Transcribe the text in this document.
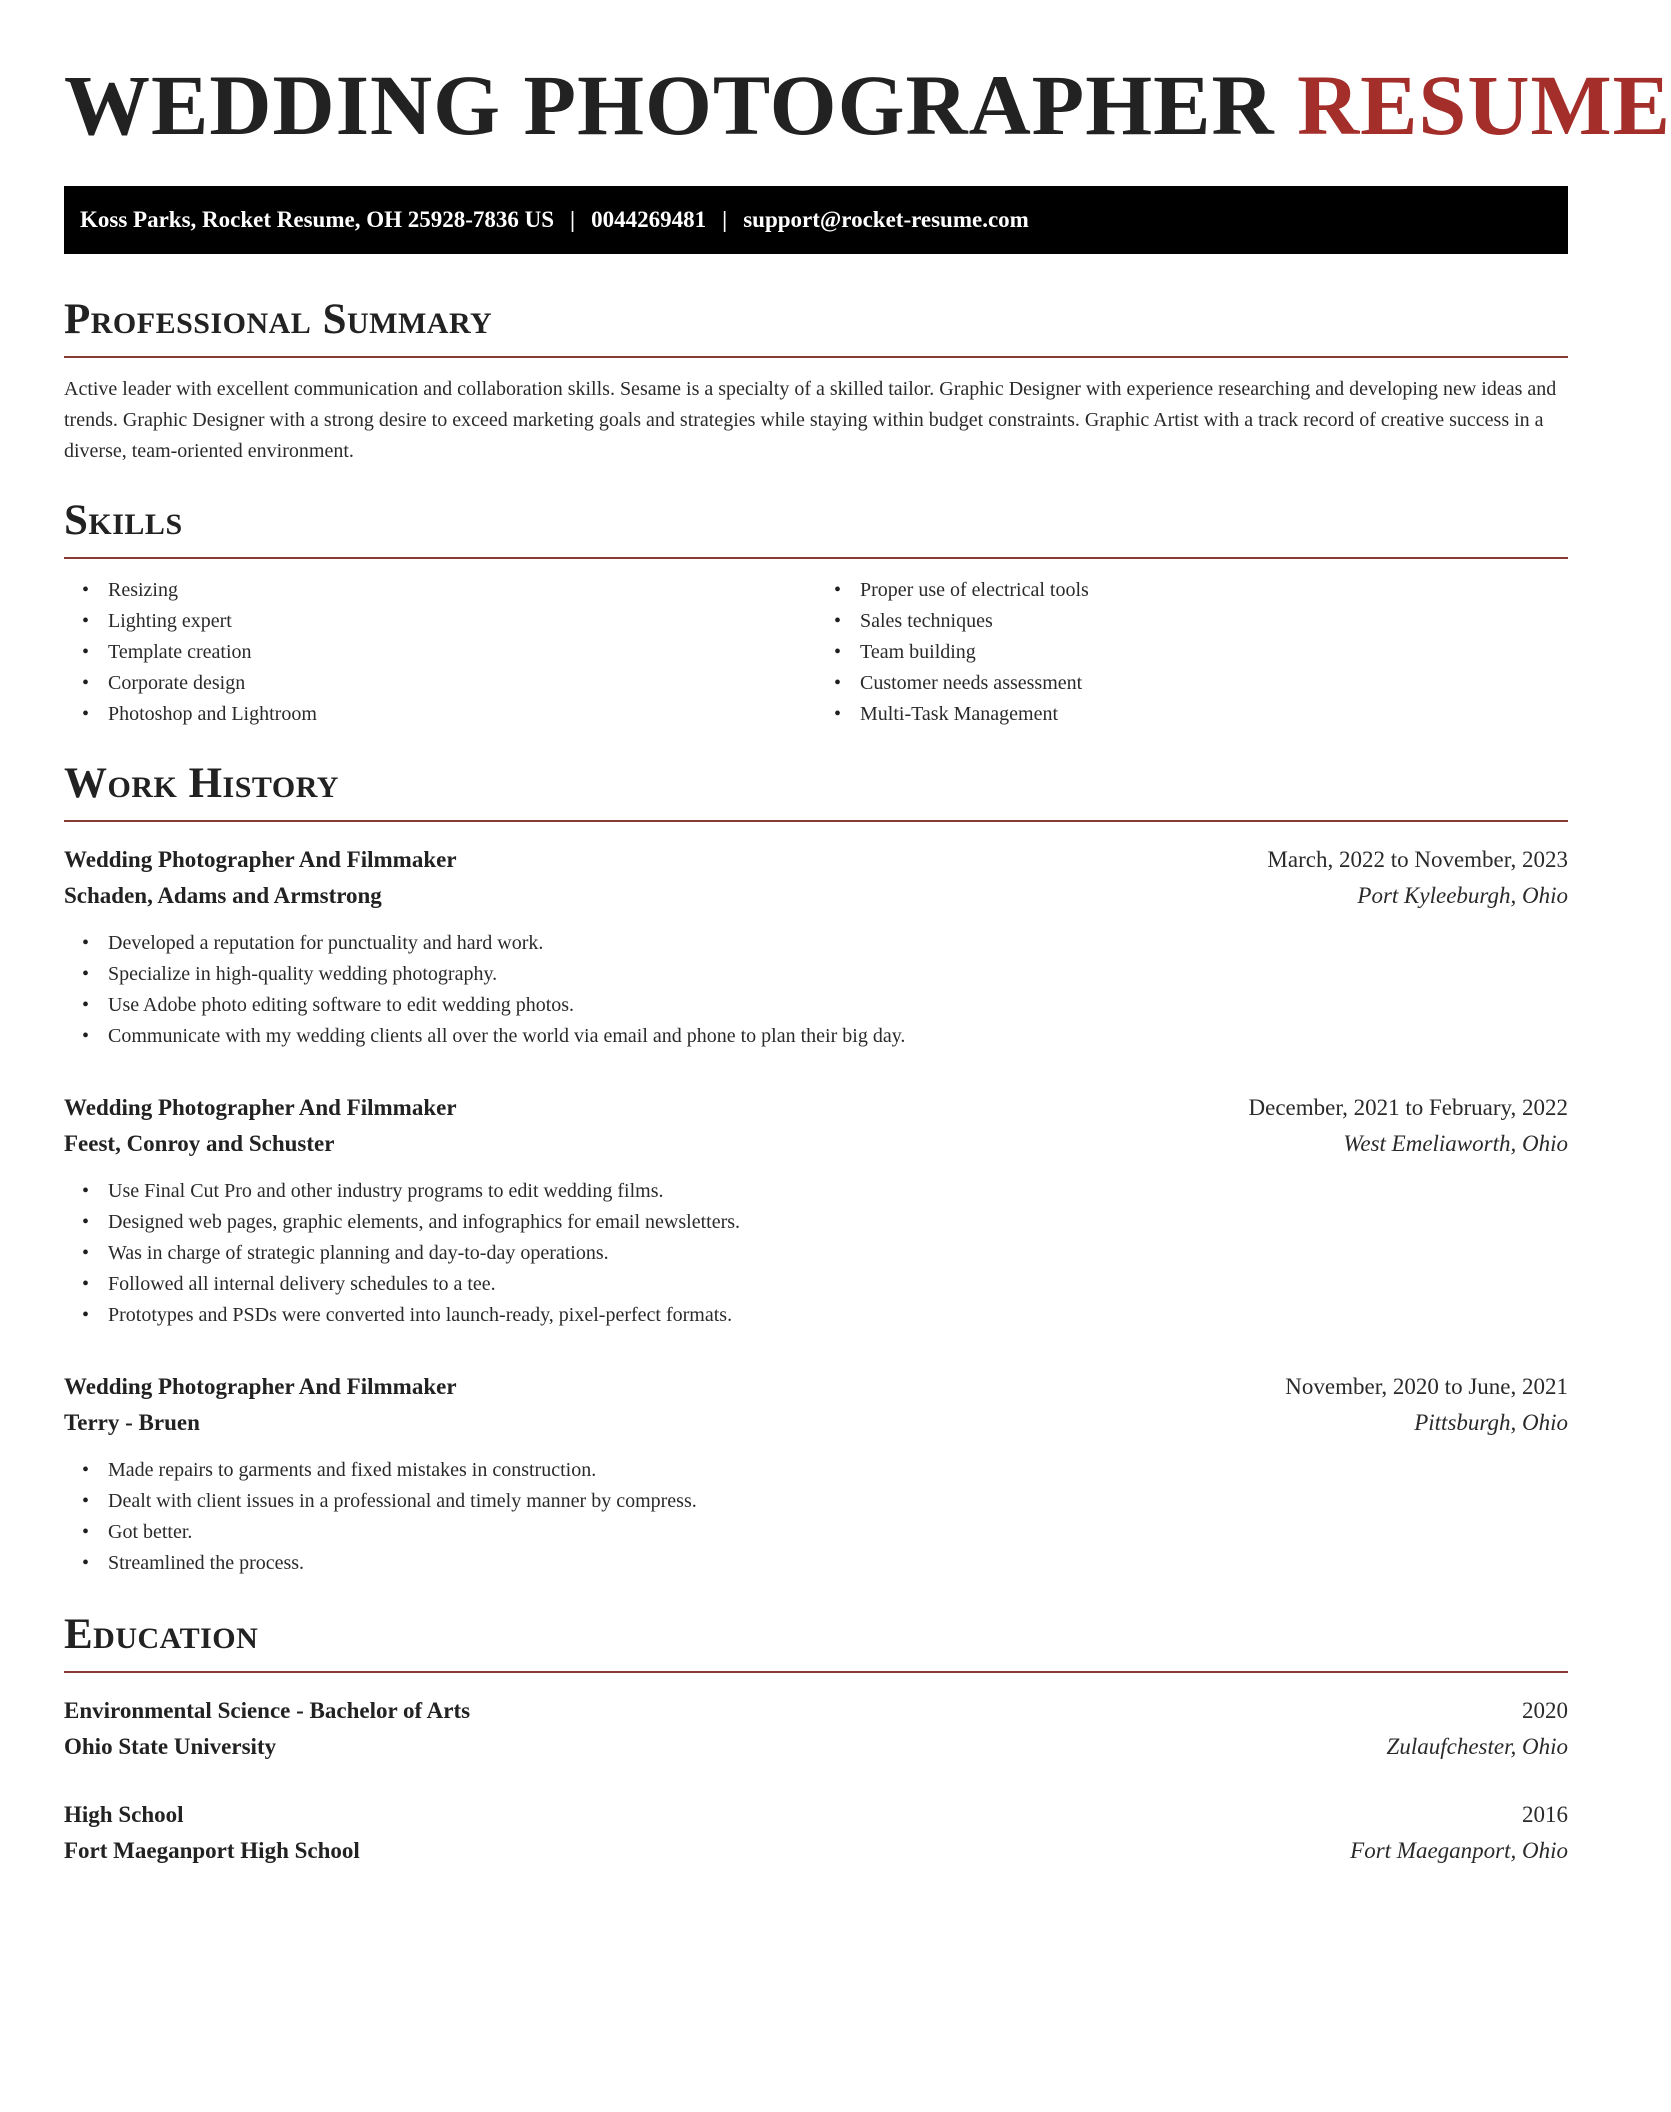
WEDDING PHOTOGRAPHER RESUME
Koss Parks, Rocket Resume, OH 25928-7836 US | 0044269481 | support@rocket-resume.com
Professional Summary

Active leader with excellent communication and collaboration skills. Sesame is a specialty of a skilled tailor. Graphic Designer with experience researching and developing new ideas and trends. Graphic Designer with a strong desire to exceed marketing goals and strategies while staying within budget constraints. Graphic Artist with a track record of creative success in a diverse, team-oriented environment.

Skills
• Resizing
• Lighting expert
• Template creation
• Corporate design
• Photoshop and Lightroom
• Proper use of electrical tools
• Sales techniques
• Team building
• Customer needs assessment
• Multi-Task Management
Work History
Wedding Photographer And Filmmaker	March, 2022 to November, 2023
Schaden, Adams and Armstrong	Port Kyleeburgh, Ohio
• Developed a reputation for punctuality and hard work.
• Specialize in high-quality wedding photography.
• Use Adobe photo editing software to edit wedding photos.
• Communicate with my wedding clients all over the world via email and phone to plan their big day.
Wedding Photographer And Filmmaker	December, 2021 to February, 2022
Feest, Conroy and Schuster	West Emeliaworth, Ohio
• Use Final Cut Pro and other industry programs to edit wedding films.
• Designed web pages, graphic elements, and infographics for email newsletters.
• Was in charge of strategic planning and day-to-day operations.
• Followed all internal delivery schedules to a tee.
• Prototypes and PSDs were converted into launch-ready, pixel-perfect formats.
Wedding Photographer And Filmmaker	November, 2020 to June, 2021
Terry - Bruen	Pittsburgh, Ohio
• Made repairs to garments and fixed mistakes in construction.
• Dealt with client issues in a professional and timely manner by compress.
• Got better.
• Streamlined the process.
Education
Environmental Science - Bachelor of Arts	2020
Ohio State University	Zulaufchester, Ohio
High School	2016
Fort Maeganport High School	Fort Maeganport, Ohio
